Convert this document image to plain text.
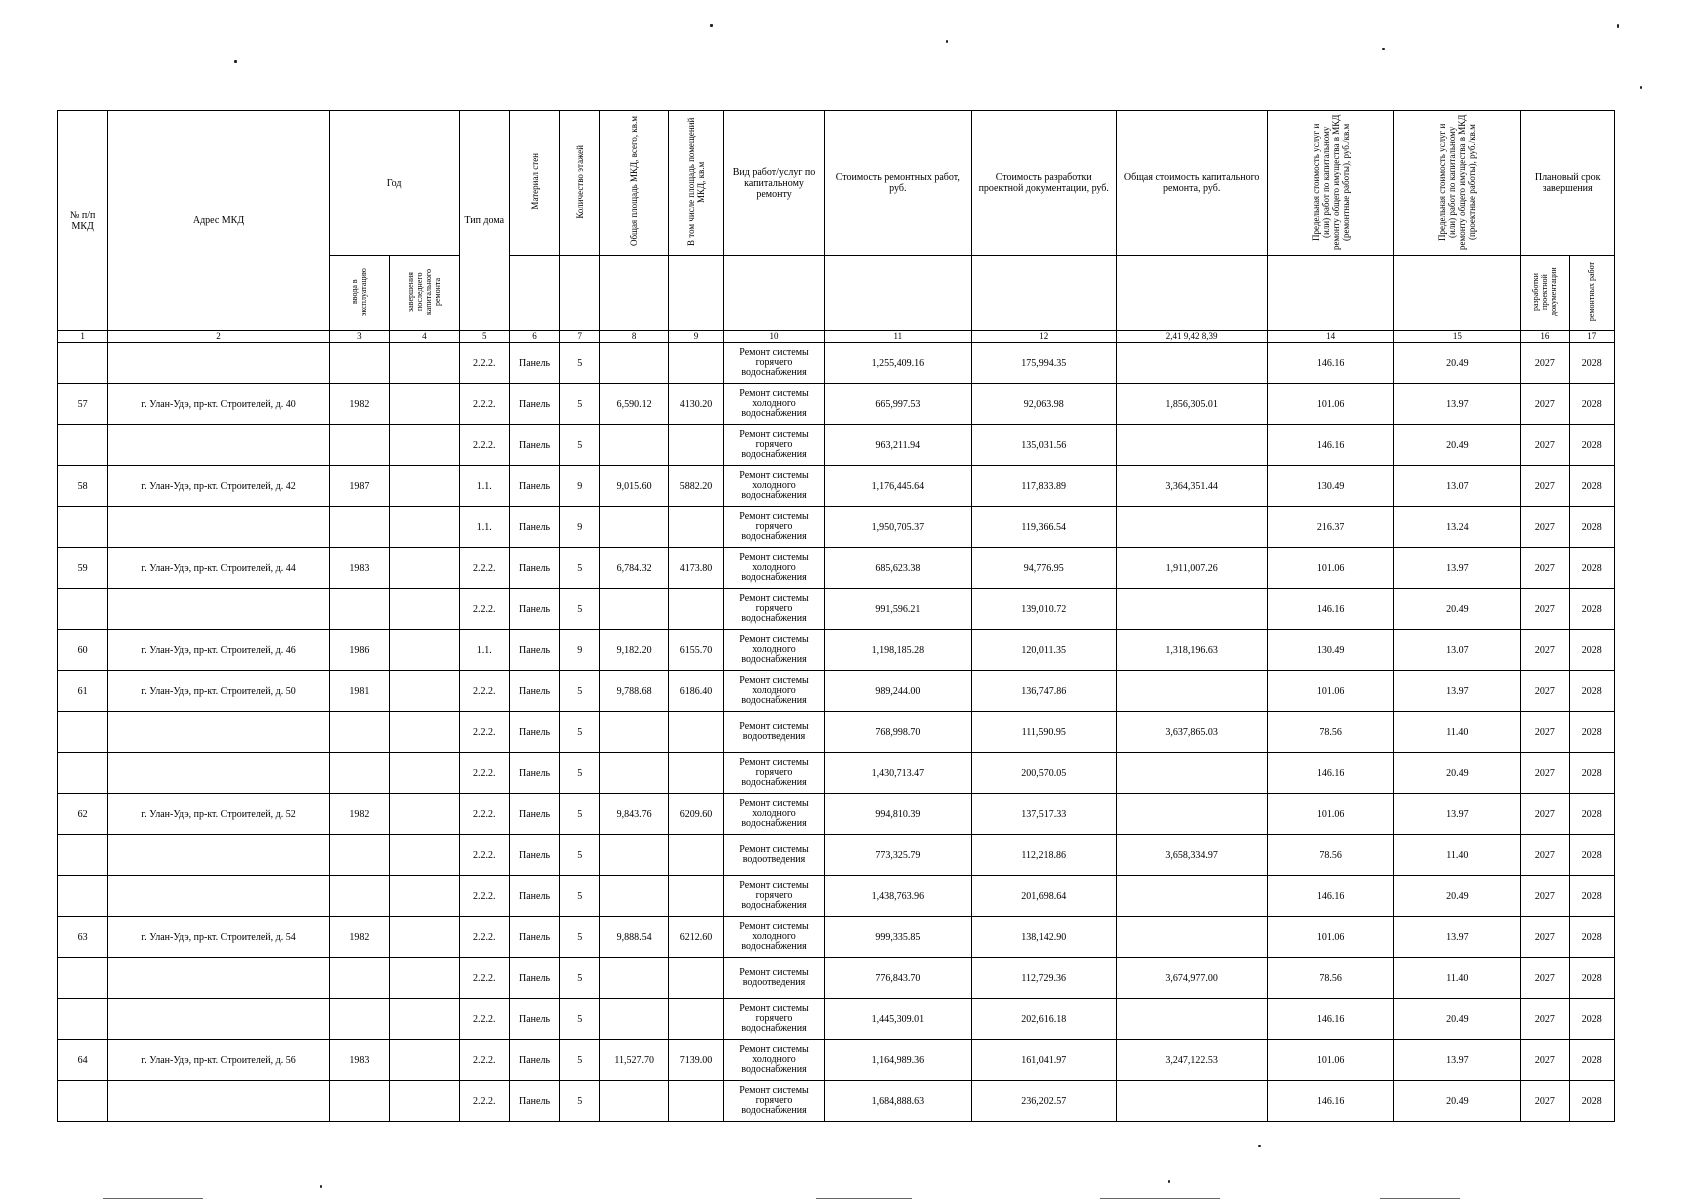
№ п/п МКД	Адрес МКД	Год		Тип дома	Материал стен	Количество этажей	Общая площадь МКД, всего, кв.м	В том числе площадь помещений МКД, кв.м	Вид работ/услуг по капитальному ремонту	Стоимость ремонтных работ, руб.	Стоимость разработки проектной документации, руб.	Общая стоимость капитального ремонта, руб.	Предельная стоимость услуг и (или) работ по капитальному ремонту общего имущества в МКД (ремонтные работы), руб./кв.м	Предельная стоимость услуг и (или) работ по капитальному ремонту общего имущества в МКД (проектные работы), руб./кв.м	Плановый срок завершения	
		ввода в эксплуатацию	завершения последнего капитального ремонта												разработки проектной документации	ремонтных работ
1	2	3	4	5	6	7	8	9	10	11	12	2,41 9,42 8,39	14	15	16	17
				2.2.2.	Панель	5			Ремонт системы горячего водоснабжения	1,255,409.16	175,994.35		146.16	20.49	2027	2028
57	г. Улан-Удэ, пр-кт. Строителей, д. 40	1982		2.2.2.	Панель	5	6,590.12	4130.20	Ремонт системы холодного водоснабжения	665,997.53	92,063.98	1,856,305.01	101.06	13.97	2027	2028
				2.2.2.	Панель	5			Ремонт системы горячего водоснабжения	963,211.94	135,031.56		146.16	20.49	2027	2028
58	г. Улан-Удэ, пр-кт. Строителей, д. 42	1987		1.1.	Панель	9	9,015.60	5882.20	Ремонт системы холодного водоснабжения	1,176,445.64	117,833.89	3,364,351.44	130.49	13.07	2027	2028
				1.1.	Панель	9			Ремонт системы горячего водоснабжения	1,950,705.37	119,366.54		216.37	13.24	2027	2028
59	г. Улан-Удэ, пр-кт. Строителей, д. 44	1983		2.2.2.	Панель	5	6,784.32	4173.80	Ремонт системы холодного водоснабжения	685,623.38	94,776.95	1,911,007.26	101.06	13.97	2027	2028
				2.2.2.	Панель	5			Ремонт системы горячего водоснабжения	991,596.21	139,010.72		146.16	20.49	2027	2028
60	г. Улан-Удэ, пр-кт. Строителей, д. 46	1986		1.1.	Панель	9	9,182.20	6155.70	Ремонт системы холодного водоснабжения	1,198,185.28	120,011.35	1,318,196.63	130.49	13.07	2027	2028
61	г. Улан-Удэ, пр-кт. Строителей, д. 50	1981		2.2.2.	Панель	5	9,788.68	6186.40	Ремонт системы холодного водоснабжения	989,244.00	136,747.86		101.06	13.97	2027	2028
				2.2.2.	Панель	5			Ремонт системы водоотведения	768,998.70	111,590.95	3,637,865.03	78.56	11.40	2027	2028
				2.2.2.	Панель	5			Ремонт системы горячего водоснабжения	1,430,713.47	200,570.05		146.16	20.49	2027	2028
62	г. Улан-Удэ, пр-кт. Строителей, д. 52	1982		2.2.2.	Панель	5	9,843.76	6209.60	Ремонт системы холодного водоснабжения	994,810.39	137,517.33		101.06	13.97	2027	2028
				2.2.2.	Панель	5			Ремонт системы водоотведения	773,325.79	112,218.86	3,658,334.97	78.56	11.40	2027	2028
				2.2.2.	Панель	5			Ремонт системы горячего водоснабжения	1,438,763.96	201,698.64		146.16	20.49	2027	2028
63	г. Улан-Удэ, пр-кт. Строителей, д. 54	1982		2.2.2.	Панель	5	9,888.54	6212.60	Ремонт системы холодного водоснабжения	999,335.85	138,142.90		101.06	13.97	2027	2028
				2.2.2.	Панель	5			Ремонт системы водоотведения	776,843.70	112,729.36	3,674,977.00	78.56	11.40	2027	2028
				2.2.2.	Панель	5			Ремонт системы горячего водоснабжения	1,445,309.01	202,616.18		146.16	20.49	2027	2028
64	г. Улан-Удэ, пр-кт. Строителей, д. 56	1983		2.2.2.	Панель	5	11,527.70	7139.00	Ремонт системы холодного водоснабжения	1,164,989.36	161,041.97	3,247,122.53	101.06	13.97	2027	2028
				2.2.2.	Панель	5			Ремонт системы горячего водоснабжения	1,684,888.63	236,202.57		146.16	20.49	2027	2028
